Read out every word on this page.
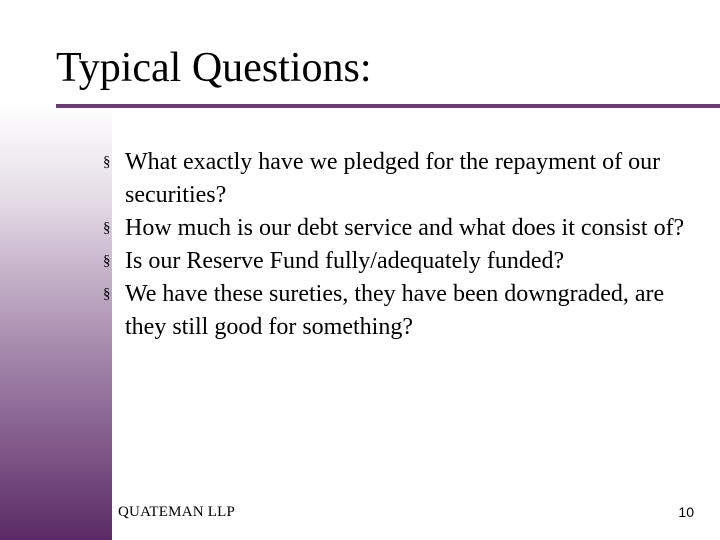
Typical Questions:
§ What exactly have we pledged for the repayment of our securities?
§ How much is our debt service and what does it consist of?
§ Is our Reserve Fund fully/adequately funded?
§ We have these sureties, they have been downgraded, are they still good for something?
QUATEMAN LLP	10
